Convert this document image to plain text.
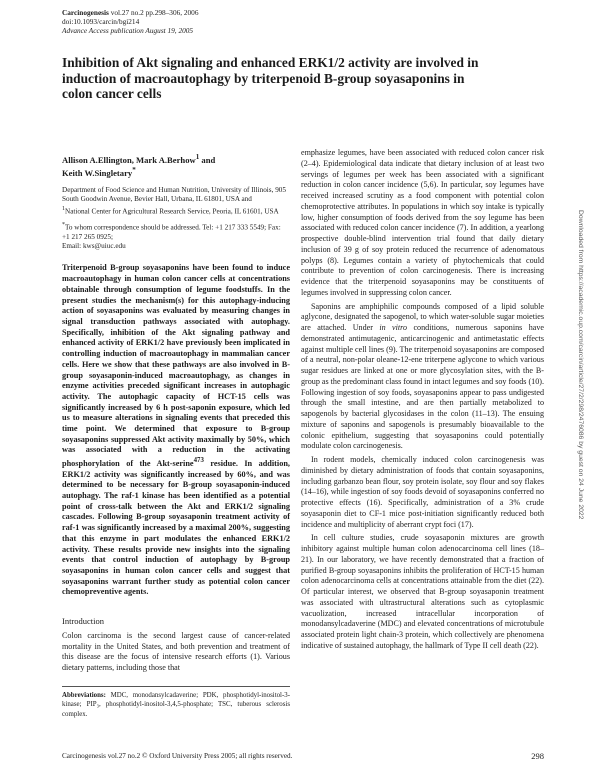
Carcinogenesis vol.27 no.2 pp.298–306, 2006
doi:10.1093/carcin/bgi214
Advance Access publication August 19, 2005
Inhibition of Akt signaling and enhanced ERK1/2 activity are involved in induction of macroautophagy by triterpenoid B-group soyasaponins in colon cancer cells
Allison A.Ellington, Mark A.Berhow$^1$ and
Keith W.Singletary*

Department of Food Science and Human Nutrition, University of Illinois, 905 South Goodwin Avenue, Bevier Hall, Urbana, IL 61801, USA and
$^1$National Center for Agricultural Research Service, Peoria, IL 61601, USA

*To whom correspondence should be addressed. Tel: +1 217 333 5549; Fax: +1 217 265 0925;
Email: kws@uiuc.edu

Triterpenoid B-group soyasaponins have been found to induce macroautophagy in human colon cancer cells at concentrations obtainable through consumption of legume foodstuffs. In the present studies the mechanism(s) for this autophagy-inducing action of soyasaponins was evaluated by measuring changes in signal transduction pathways associated with autophagy. Specifically, inhibition of the Akt signaling pathway and enhanced activity of ERK1/2 have previously been implicated in controlling induction of macroautophagy in mammalian cancer cells. Here we show that these pathways are also involved in B-group soyasaponin-induced macroautophagy, as changes in enzyme activities preceded significant increases in autophagic activity. The autophagic capacity of HCT-15 cells was significantly increased by 6 h post-saponin exposure, which led us to measure alterations in signaling events that preceded this time point. We determined that exposure to B-group soyasaponins suppressed Akt activity maximally by 50%, which was associated with a reduction in the activating phosphorylation of the Akt-serine$^{473}$ residue. In addition, ERK1/2 activity was significantly increased by 60%, and was determined to be necessary for B-group soyasaponin-induced autophagy. The raf-1 kinase has been identified as a potential point of cross-talk between the Akt and ERK1/2 signaling cascades. Following B-group soyasaponin treatment activity of raf-1 was significantly increased by a maximal 200%, suggesting that this enzyme in part modulates the enhanced ERK1/2 activity. These results provide new insights into the signaling events that control induction of autophagy by B-group soyasaponins in human colon cancer cells and suggest that soyasaponins warrant further study as potential colon cancer chemopreventive agents.

Introduction

Colon carcinoma is the second largest cause of cancer-related mortality in the United States, and both prevention and treatment of this disease are the focus of intensive research efforts (1). Various dietary patterns, including those that

Abbreviations: MDC, monodansylcadaverine; PDK, phosphotidyl-inositol-3-kinase; PIP₃, phosphotidyl-inositol-3,4,5-phosphate; TSC, tuberous sclerosis complex.

emphasize legumes, have been associated with reduced colon cancer risk (2–4). Epidemiological data indicate that dietary inclusion of at least two servings of legumes per week has been associated with a significant reduction in colon cancer incidence (5,6). In particular, soy legumes have received increased scrutiny as a food component with potential colon chemoprotective attributes. In populations in which soy intake is typically low, higher consumption of foods derived from the soy legume has been associated with reduced colon cancer incidence (7). In addition, a yearlong prospective double-blind intervention trial found that daily dietary inclusion of 39 g of soy protein reduced the recurrence of adenomatous polyps (8). Legumes contain a variety of phytochemicals that could contribute to prevention of colon carcinogenesis. There is increasing evidence that the triterpenoid soyasaponins may be constituents of legumes involved in suppressing colon cancer.

Saponins are amphiphilic compounds composed of a lipid soluble aglycone, designated the sapogenol, to which water-soluble sugar moieties are attached. Under in vitro conditions, numerous saponins have demonstrated antimutagenic, anticarcinogenic and antimetastatic effects against multiple cell lines (9). The triterpenoid soyasaponins are composed of a neutral, non-polar oleane-12-ene triterpene aglycone to which various sugar residues are linked at one or more glycosylation sites, with the B-group as the predominant class found in intact legumes and soy foods (10). Following ingestion of soy foods, soyasaponins appear to pass undigested through the small intestine, and are then partially metabolized to sapogenols by bacterial glycosidases in the colon (11–13). The ensuing mixture of saponins and sapogenols is presumably bioavailable to the colonic epithelium, suggesting that soyasaponins could potentially modulate colon carcinogenesis.

In rodent models, chemically induced colon carcinogenesis was diminished by dietary administration of foods that contain soyasaponins, including garbanzo bean flour, soy protein isolate, soy flour and soy flakes (14–16), while ingestion of soy foods devoid of soyasaponins conferred no protective effects (16). Specifically, administration of a 3% crude soyasaponin diet to CF-1 mice post-initiation significantly reduced both incidence and multiplicity of aberrant crypt foci (17).

In cell culture studies, crude soyasaponin mixtures are growth inhibitory against multiple human colon adenocarcinoma cell lines (18–21). In our laboratory, we have recently demonstrated that a fraction of purified B-group soyasaponins inhibits the proliferation of HCT-15 human colon adenocarcinoma cells at concentrations attainable from the diet (22). Of particular interest, we observed that B-group soyasaponin treatment was associated with ultrastructural alterations such as cytoplasmic vacuolization, increased intracellular incorporation of monodansylcadaverine (MDC) and elevated concentrations of microtubule associated protein light chain-3 protein, which collectively are phenomena indicative of sustained autophagy, the hallmark of Type II cell death (22).

Carcinogenesis vol.27 no.2 © Oxford University Press 2005; all rights reserved.	298
Downloaded from https://academic.oup.com/carcin/article/27/2/298/2476086 by guest on 24 June 2022
